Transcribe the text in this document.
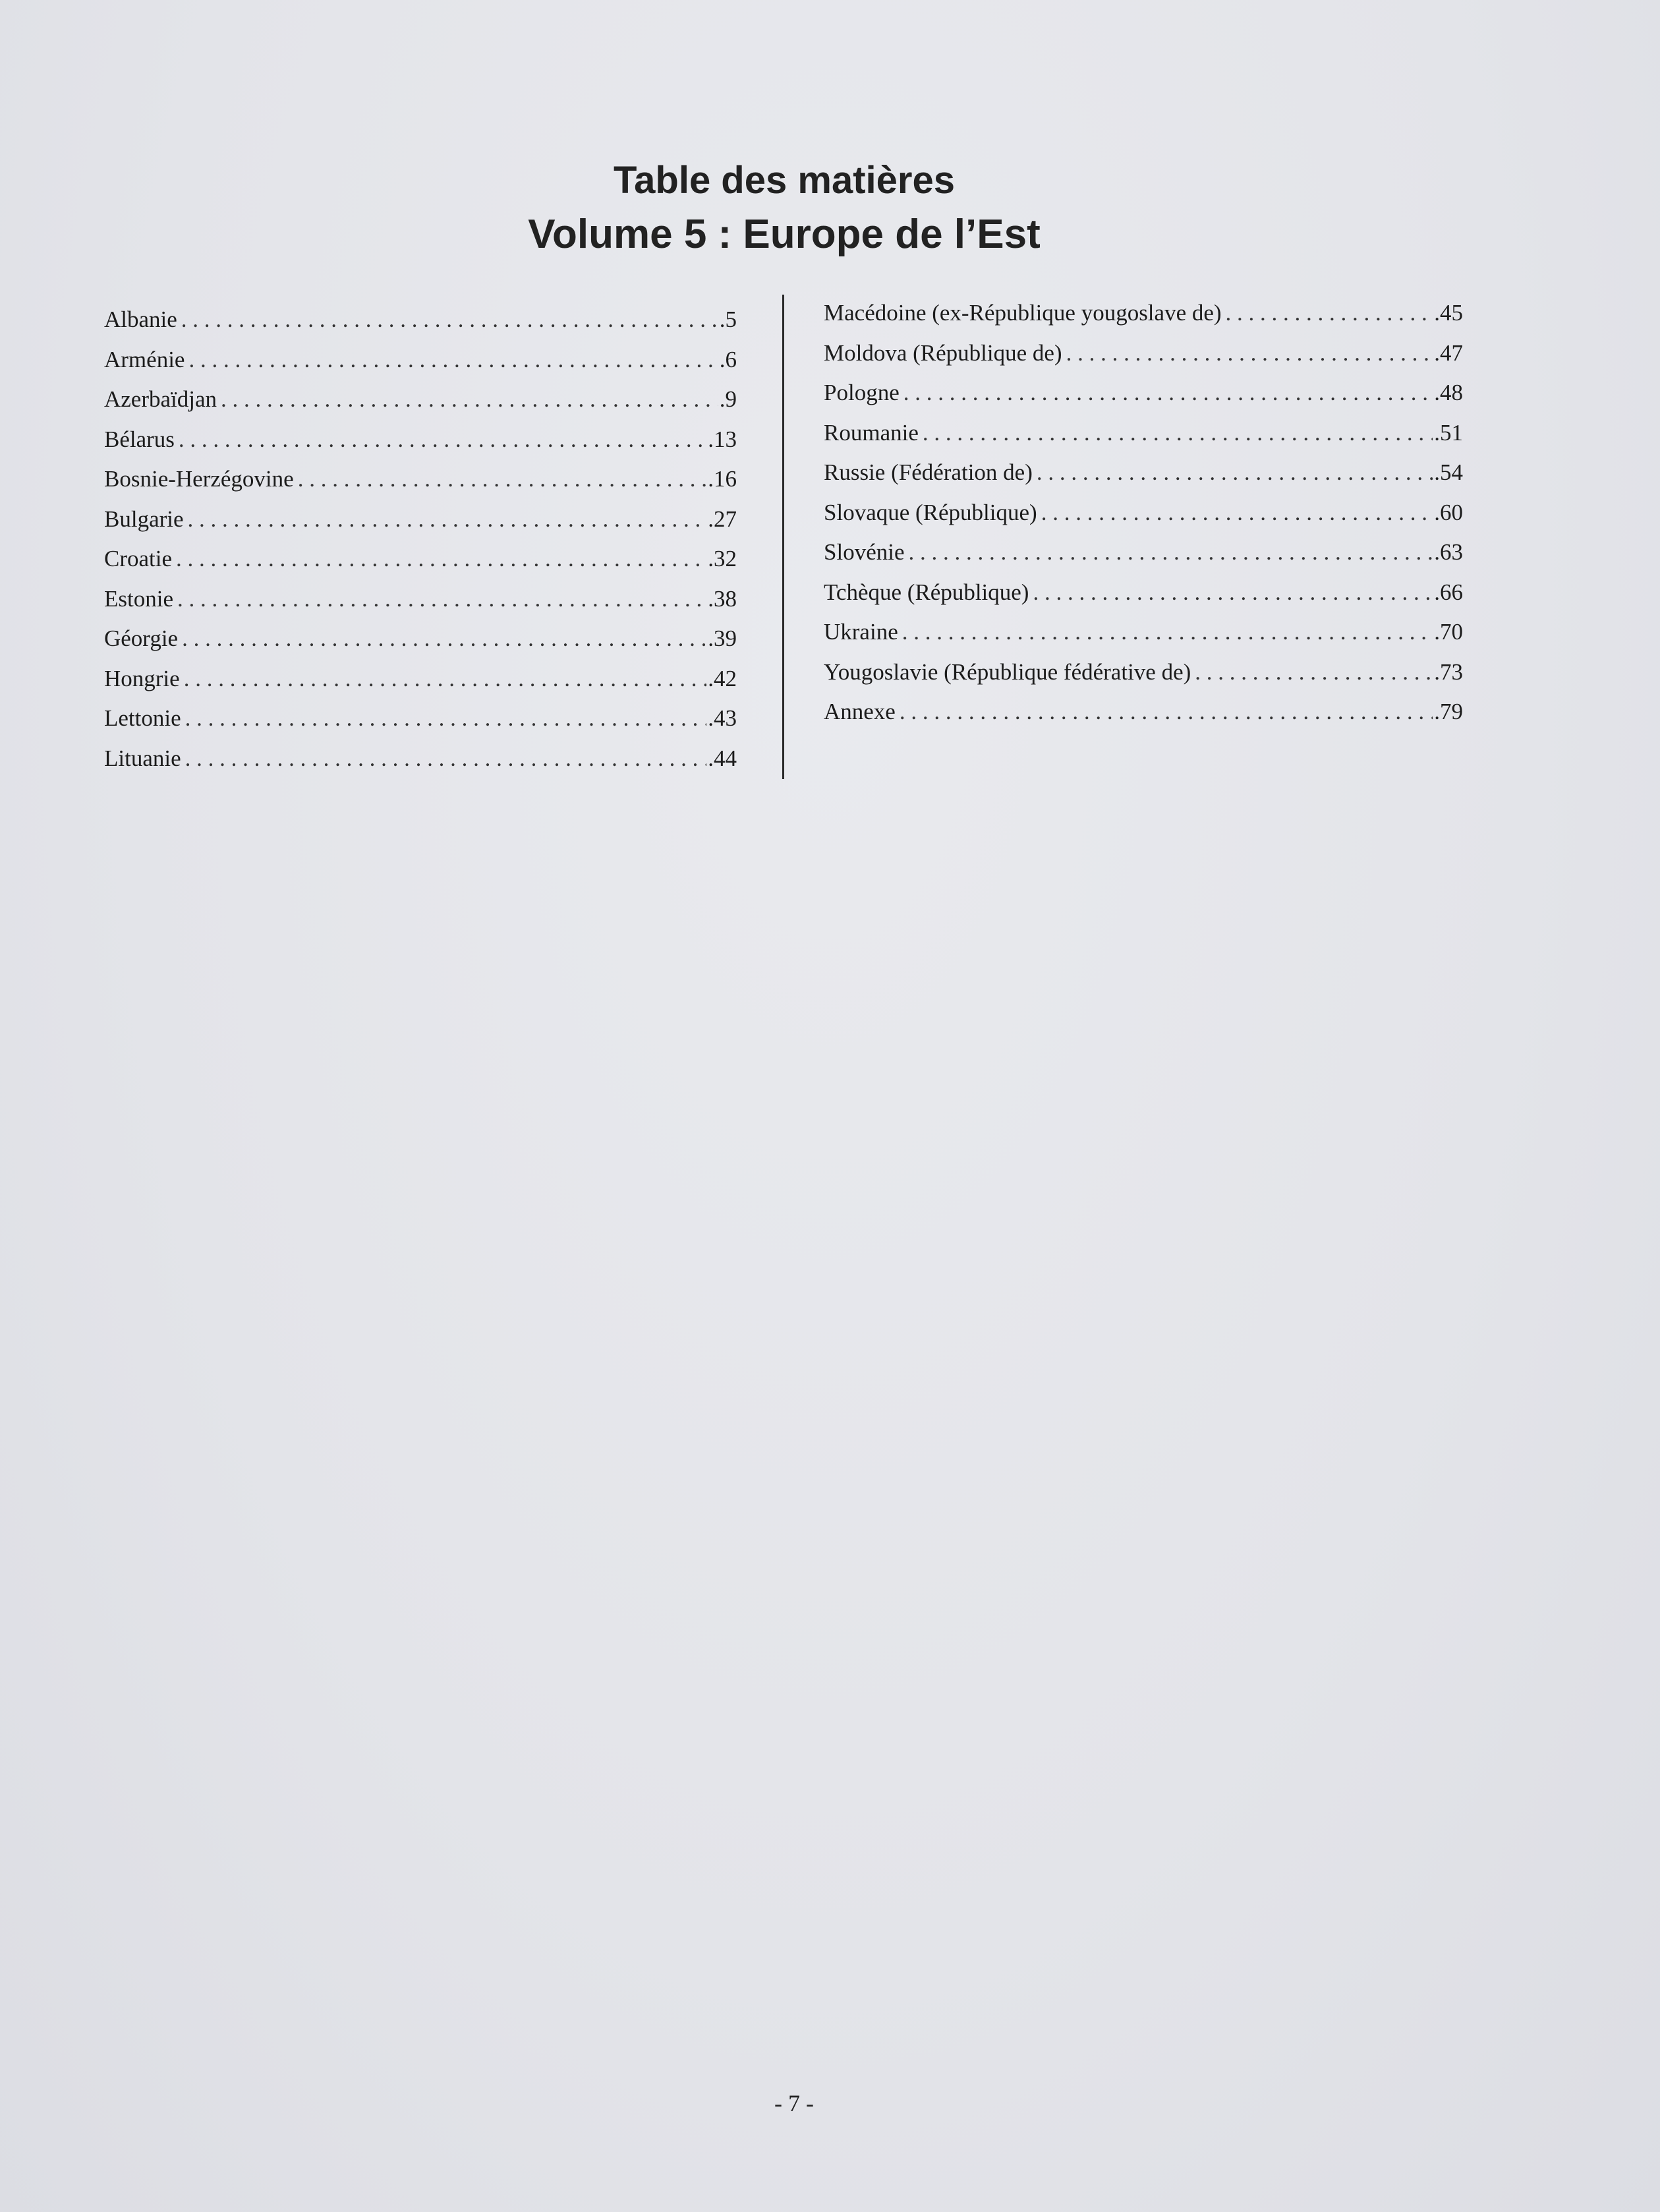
Table des matières
Volume 5 : Europe de l’Est
Albanie . . .	.5
Arménie . . .	.6
Azerbaïdjan . . .	.9
Bélarus . . .	.13
Bosnie-Herzégovine . . .	.16
Bulgarie . . .	.27
Croatie . . .	.32
Estonie . . .	.38
Géorgie . . .	.39
Hongrie . . .	.42
Lettonie . . .	.43
Lituanie . . .	.44
Macédoine (ex-République yougoslave de) . . .	.45
Moldova (République de) . . .	.47
Pologne . . .	.48
Roumanie . . .	.51
Russie (Fédération de) . . .	.54
Slovaque (République) . . .	.60
Slovénie . . .	.63
Tchèque (République) . . .	.66
Ukraine . . .	.70
Yougoslavie (République fédérative de) . . .	.73
Annexe . . .	.79
- 7 -
